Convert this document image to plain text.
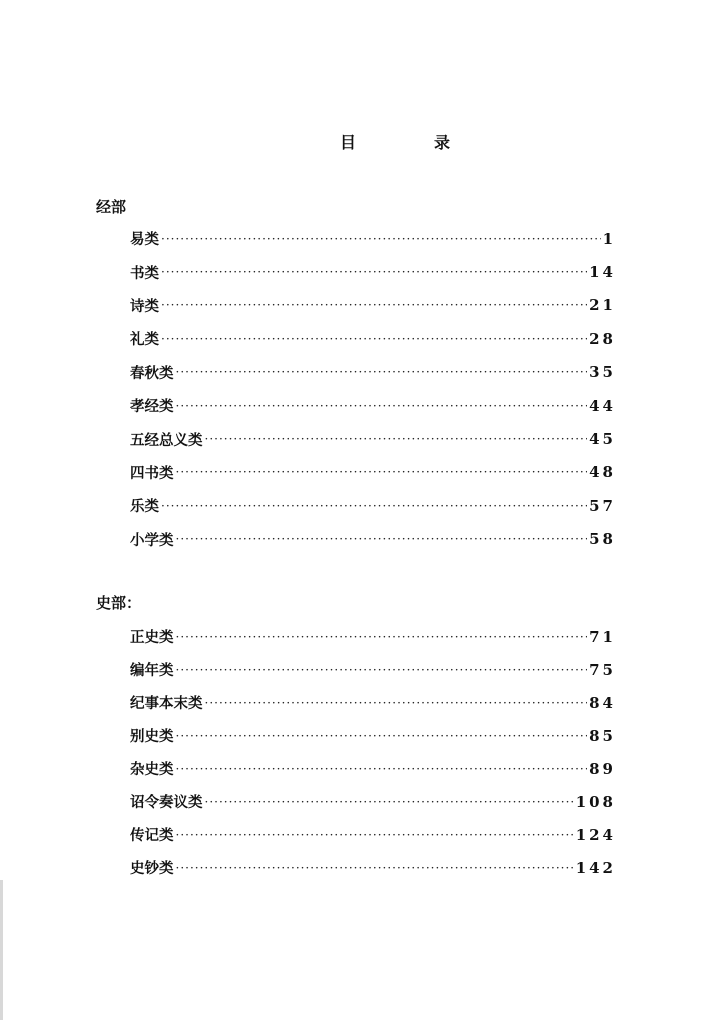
目	录
经部
易类 ·····	1
书类 ·····	14
诗类 ·····	21
礼类 ·····	28
春秋类 ·····	35
孝经类 ·····	44
五经总义类 ·····	45
四书类 ·····	48
乐类 ·····	57
小学类 ·····	58
史部：
正史类 ·····	71
编年类 ·····	75
纪事本末类 ·····	84
别史类 ·····	85
杂史类 ·····	89
诏令奏议类 ·····	108
传记类 ·····	124
史钞类 ·····	142
